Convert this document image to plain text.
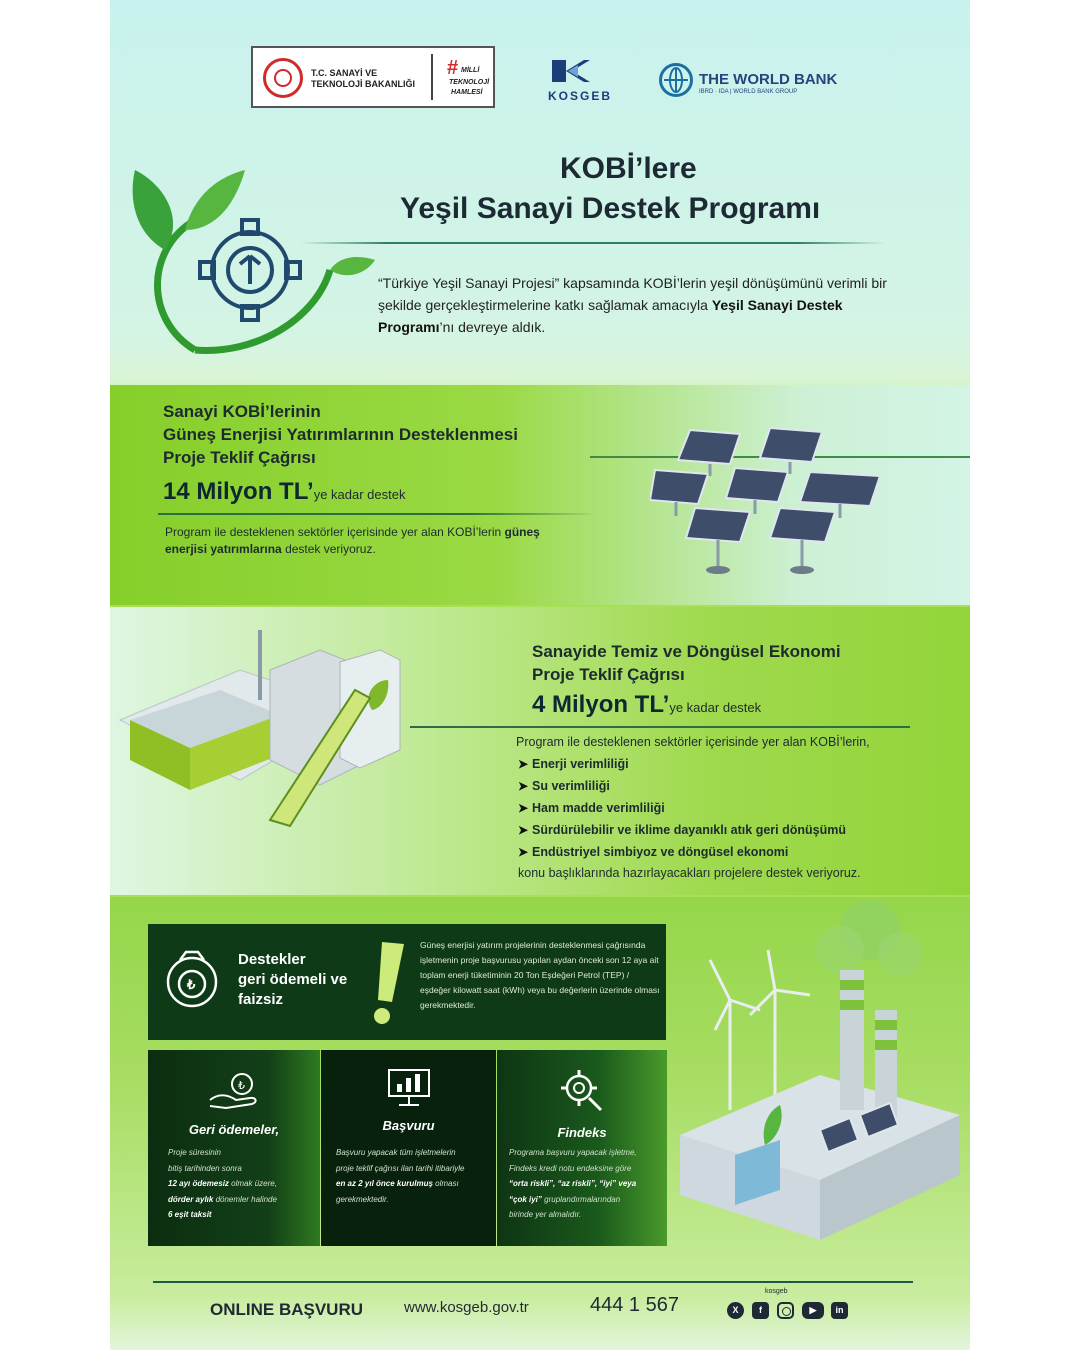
T.C. SANAYİ VE TEKNOLOJİ BAKANLIĞI
# MİLLİ
TEKNOLOJİ
HAMLESİ	KOSGEB
THE WORLD BANK
IBRD · IDA | WORLD BANK GROUP
KOBİ’lere
Yeşil Sanayi Destek Programı
“Türkiye Yeşil Sanayi Projesi” kapsamında KOBİ’lerin yeşil dönüşümünü verimli bir şekilde gerçekleştirmelerine katkı sağlamak amacıyla Yeşil Sanayi Destek Programı’nı devreye aldık.
Sanayi KOBİ’lerinin
Güneş Enerjisi Yatırımlarının Desteklenmesi
Proje Teklif Çağrısı
14 Milyon TL’ye kadar destek
Program ile desteklenen sektörler içerisinde yer alan KOBİ’lerin güneş enerjisi yatırımlarına destek veriyoruz.
Sanayide Temiz ve Döngüsel Ekonomi
Proje Teklif Çağrısı
4 Milyon TL’ye kadar destek
Program ile desteklenen sektörler içerisinde yer alan KOBİ’lerin,
➤ Enerji verimliliği
➤ Su verimliliği
➤ Ham madde verimliliği
➤ Sürdürülebilir ve iklime dayanıklı atık geri dönüşümü
➤ Endüstriyel simbiyoz ve döngüsel ekonomi
konu başlıklarında hazırlayacakları projelere destek veriyoruz.
₺
Destekler
geri ödemeli ve
faizsiz
Güneş enerjisi yatırım projelerinin desteklenmesi çağrısında işletmenin proje başvurusu yapılan aydan önceki son 12 aya ait toplam enerji tüketiminin 20 Ton Eşdeğeri Petrol (TEP) / eşdeğer kilowatt saat (kWh) veya bu değerlerin üzerinde olması gerekmektedir.
₺
Geri ödemeler,
Proje süresinin
bitiş tarihinden sonra
12 ayı ödemesiz olmak üzere,
dörder aylık dönemler halinde
6 eşit taksit
Başvuru
Başvuru yapacak tüm işletmelerin
proje teklif çağrısı ilan tarihi itibariyle
en az 2 yıl önce kurulmuş olması
gerekmektedir.
Findeks
Programa başvuru yapacak işletme,
Findeks kredi notu endeksine göre
“orta riskli”, “az riskli”, “iyi” veya
“çok iyi” gruplandırmalarından
birinde yer almalıdır.
ONLINE BAŞVURU	www.kosgeb.gov.tr	444 1 567
kosgeb
X	f	▶	in
